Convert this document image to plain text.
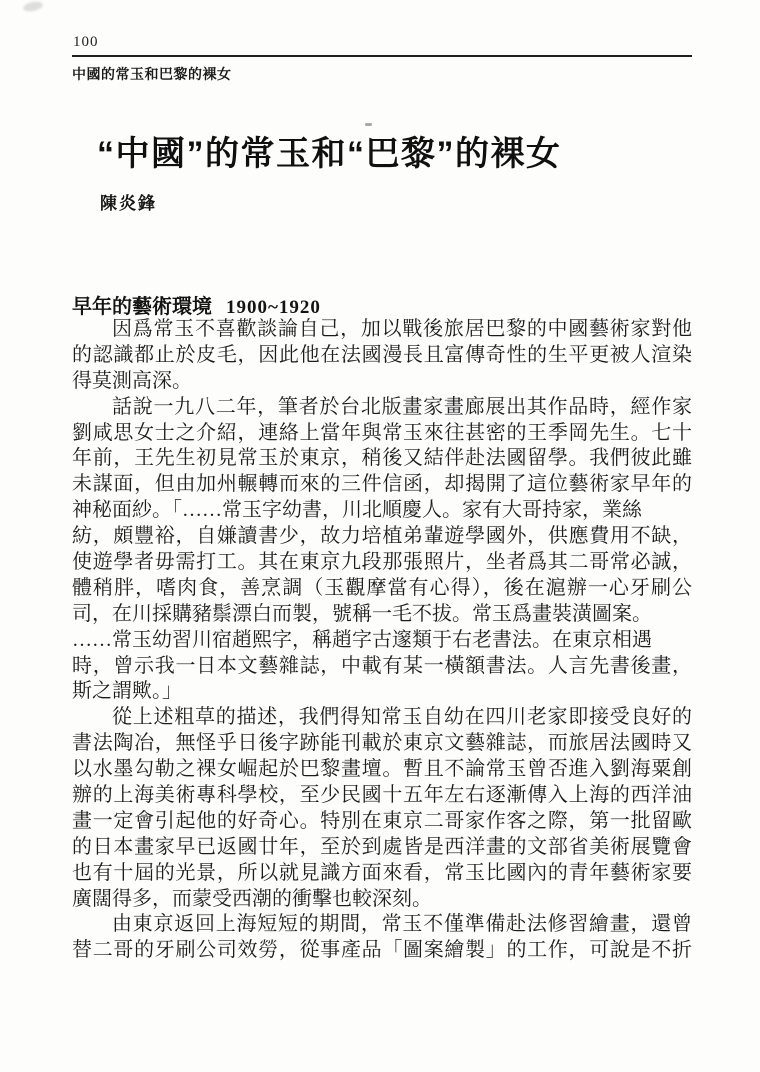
100
中國的常玉和巴黎的裸女
“中國”的常玉和“巴黎”的裸女
陳炎鋒
早年的藝術環境 1900~1920
因爲常玉不喜歡談論自己，加以戰後旅居巴黎的中國藝術家對他
的認識都止於皮毛，因此他在法國漫長且富傳奇性的生平更被人渲染
得莫測高深。
話說一九八二年，筆者於台北版畫家畫廊展出其作品時，經作家
劉咸思女士之介紹，連絡上當年與常玉來往甚密的王季岡先生。七十
年前，王先生初見常玉於東京，稍後又結伴赴法國留學。我們彼此雖
未謀面，但由加州輾轉而來的三件信函，却揭開了這位藝術家早年的
神秘面紗。「……常玉字幼書，川北順慶人。家有大哥持家，業絲
紡，頗豐裕，自嫌讀書少，故力培植弟輩遊學國外，供應費用不缺，
使遊學者毋需打工。其在東京九段那張照片，坐者爲其二哥常必誠，
體稍胖，嗜肉食，善烹調（玉觀摩當有心得），後在滬辦一心牙刷公
司，在川採購豬鬃漂白而製，號稱一毛不拔。常玉爲畫裝潢圖案。
……常玉幼習川宿趙熙字，稱趙字古邃類于右老書法。在東京相遇
時，曾示我一日本文藝雜誌，中載有某一橫額書法。人言先書後畫，
斯之謂歟。」
從上述粗草的描述，我們得知常玉自幼在四川老家即接受良好的
書法陶冶，無怪乎日後字跡能刊載於東京文藝雜誌，而旅居法國時又
以水墨勾勒之裸女崛起於巴黎畫壇。暫且不論常玉曾否進入劉海粟創
辦的上海美術專科學校，至少民國十五年左右逐漸傳入上海的西洋油
畫一定會引起他的好奇心。特別在東京二哥家作客之際，第一批留歐
的日本畫家早已返國廿年，至於到處皆是西洋畫的文部省美術展覽會
也有十屆的光景，所以就見識方面來看，常玉比國內的青年藝術家要
廣闊得多，而蒙受西潮的衝擊也較深刻。
由東京返回上海短短的期間，常玉不僅準備赴法修習繪畫，還曾
替二哥的牙刷公司效勞，從事產品「圖案繪製」的工作，可說是不折
